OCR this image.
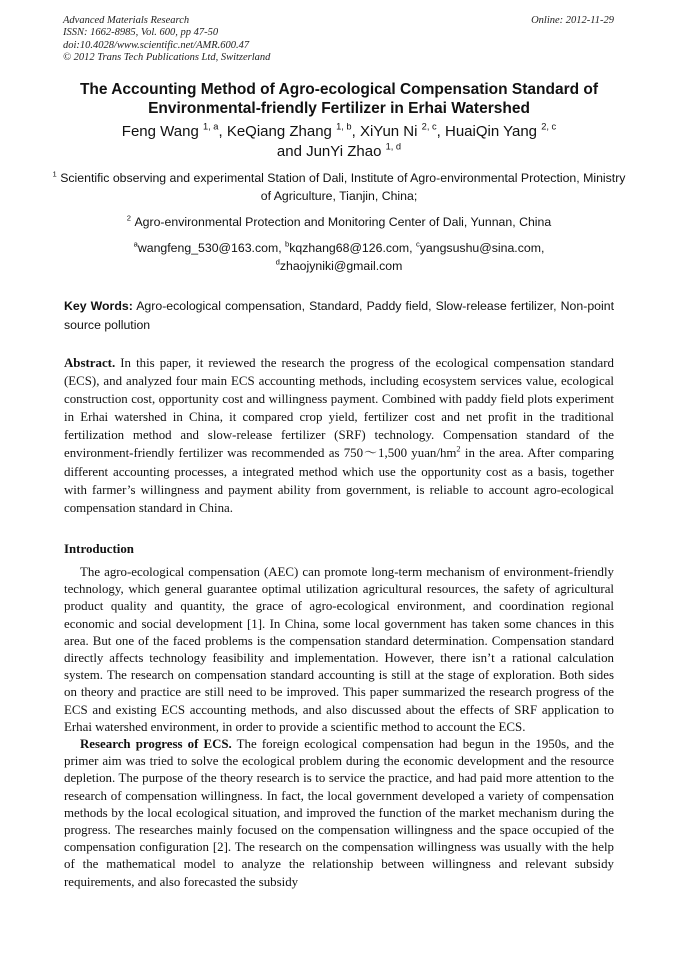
Advanced Materials Research
ISSN: 1662-8985, Vol. 600, pp 47-50
doi:10.4028/www.scientific.net/AMR.600.47
© 2012 Trans Tech Publications Ltd, Switzerland
Online: 2012-11-29
The Accounting Method of Agro-ecological Compensation Standard of Environmental-friendly Fertilizer in Erhai Watershed
Feng Wang $^{1, a}$, KeQiang Zhang $^{1, b}$, XiYun Ni $^{2, c}$, HuaiQin Yang $^{2, c}$
and JunYi Zhao $^{1, d}$
$^1$ Scientific observing and experimental Station of Dali, Institute of Agro-environmental Protection, Ministry of Agriculture, Tianjin, China;
$^2$ Agro-environmental Protection and Monitoring Center of Dali, Yunnan, China
$^a$wangfeng_530@163.com, $^b$kqzhang68@126.com, $^c$yangsushu@sina.com,
$^d$zhaojyniki@gmail.com
Key Words: Agro-ecological compensation, Standard, Paddy field, Slow-release fertilizer, Non-point source pollution
Abstract. In this paper, it reviewed the research the progress of the ecological compensation standard (ECS), and analyzed four main ECS accounting methods, including ecosystem services value, ecological construction cost, opportunity cost and willingness payment. Combined with paddy field plots experiment in Erhai watershed in China, it compared crop yield, fertilizer cost and net profit in the traditional fertilization method and slow-release fertilizer (SRF) technology. Compensation standard of the environment-friendly fertilizer was recommended as 750～1,500 yuan/$hm^2$ in the area. After comparing different accounting processes, a integrated method which use the opportunity cost as a basis, together with farmer’s willingness and payment ability from government, is reliable to account agro-ecological compensation standard in China.
Introduction

The agro-ecological compensation (AEC) can promote long-term mechanism of environment-friendly technology, which general guarantee optimal utilization agricultural resources, the safety of agricultural product quality and quantity, the grace of agro-ecological environment, and coordination regional economic and social development [1]. In China, some local government has taken some chances in this area. But one of the faced problems is the compensation standard determination. Compensation standard directly affects technology feasibility and implementation. However, there isn’t a rational calculation system. The research on compensation standard accounting is still at the stage of exploration. Both sides on theory and practice are still need to be improved. This paper summarized the research progress of the ECS and existing ECS accounting methods, and also discussed about the effects of SRF application to Erhai watershed environment, in order to provide a scientific method to account the ECS.

Research progress of ECS. The foreign ecological compensation had begun in the 1950s, and the primer aim was tried to solve the ecological problem during the economic development and the resource depletion. The purpose of the theory research is to service the practice, and had paid more attention to the research of compensation willingness. In fact, the local government developed a variety of compensation methods by the local ecological situation, and improved the function of the market mechanism during the progress. The researches mainly focused on the compensation willingness and the space occupied of the compensation configuration [2]. The research on the compensation willingness was usually with the help of the mathematical model to analyze the relationship between willingness and relevant subsidy requirements, and also forecasted the subsidy
